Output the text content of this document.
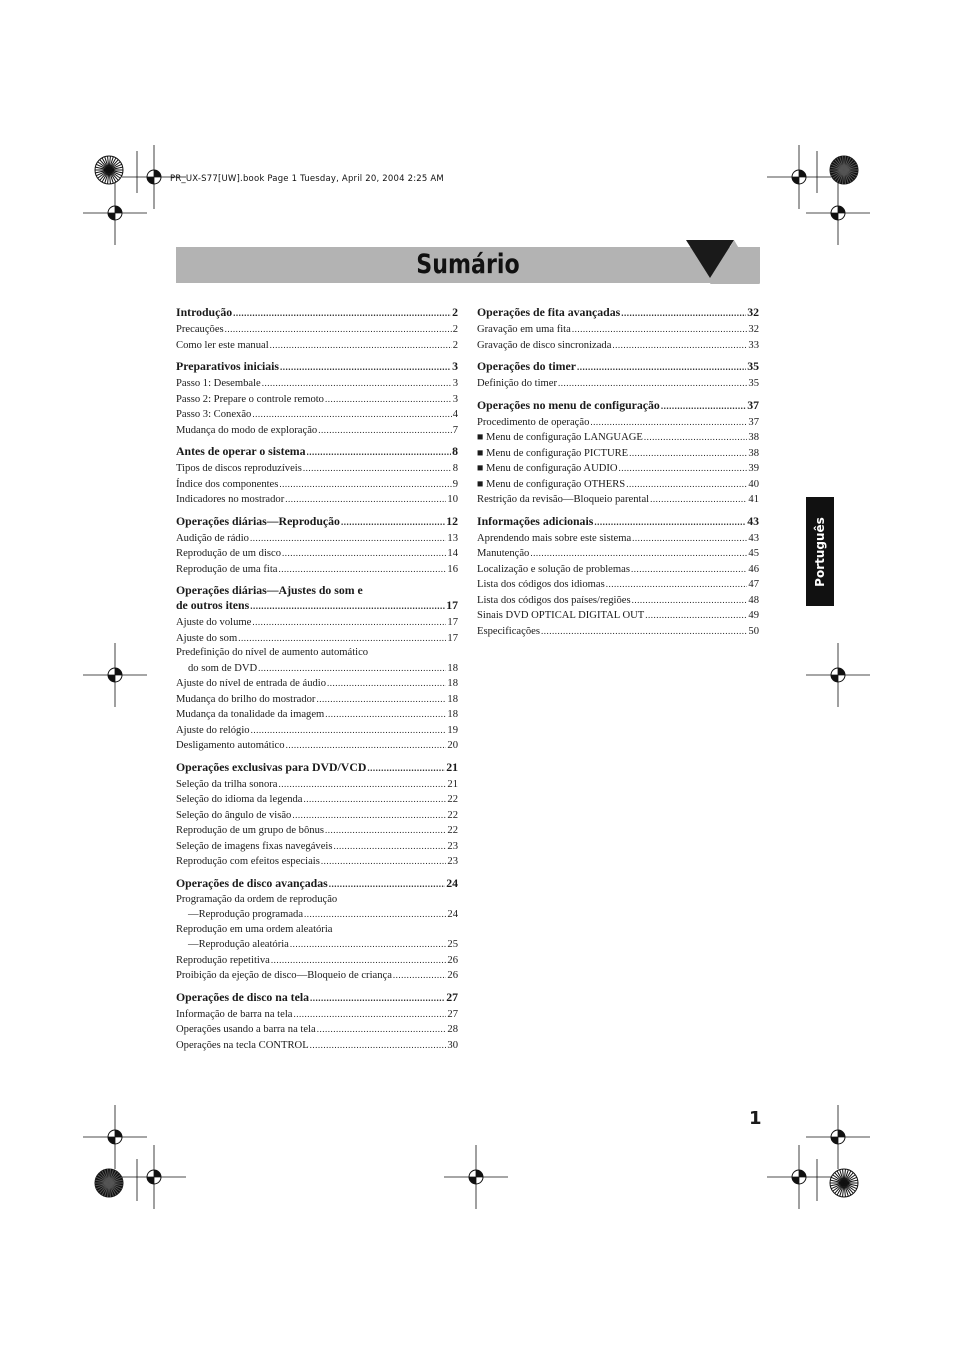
PR_UX-S77[UW].book Page 1 Tuesday, April 20, 2004 2:25 AM
Sumário
Introdução .....	2
Precauções .....	2
Como ler este manual .....	2
Preparativos iniciais .....	3
Passo 1: Desembale .....	3
Passo 2: Prepare o controle remoto .....	3
Passo 3: Conexão .....	4
Mudança do modo de exploração .....	7
Antes de operar o sistema .....	8
Tipos de discos reproduzíveis .....	8
Índice dos componentes .....	9
Indicadores no mostrador .....	10
Operações diárias—Reprodução .....	12
Audição de rádio .....	13
Reprodução de um disco .....	14
Reprodução de uma fita .....	16
Operações diárias—Ajustes do som e
de outros itens .....	17
Ajuste do volume .....	17
Ajuste do som .....	17
Predefinição do nível de aumento automático
do som de DVD .....	18
Ajuste do nível de entrada de áudio .....	18
Mudança do brilho do mostrador .....	18
Mudança da tonalidade da imagem .....	18
Ajuste do relógio .....	19
Desligamento automático .....	20
Operações exclusivas para DVD/VCD .....	21
Seleção da trilha sonora .....	21
Seleção do idioma da legenda .....	22
Seleção do ângulo de visão .....	22
Reprodução de um grupo de bônus .....	22
Seleção de imagens fixas navegáveis .....	23
Reprodução com efeitos especiais .....	23
Operações de disco avançadas .....	24
Programação da ordem de reprodução
—Reprodução programada .....	24
Reprodução em uma ordem aleatória
—Reprodução aleatória .....	25
Reprodução repetitiva .....	26
Proibição da ejeção de disco—Bloqueio de criança .....	26
Operações de disco na tela .....	27
Informação de barra na tela .....	27
Operações usando a barra na tela .....	28
Operações na tecla CONTROL .....	30
Operações de fita avançadas .....	32
Gravação em uma fita .....	32
Gravação de disco sincronizada .....	33
Operações do timer .....	35
Definição do timer .....	35
Operações no menu de configuração .....	37
Procedimento de operação .....	37
■ Menu de configuração LANGUAGE .....	38
■ Menu de configuração PICTURE .....	38
■ Menu de configuração AUDIO .....	39
■ Menu de configuração OTHERS .....	40
Restrição da revisão—Bloqueio parental .....	41
Informações adicionais .....	43
Aprendendo mais sobre este sistema .....	43
Manutenção .....	45
Localização e solução de problemas .....	46
Lista dos códigos dos idiomas .....	47
Lista dos códigos dos países/regiões .....	48
Sinais DVD OPTICAL DIGITAL OUT .....	49
Especificações .....	50
Português
1
